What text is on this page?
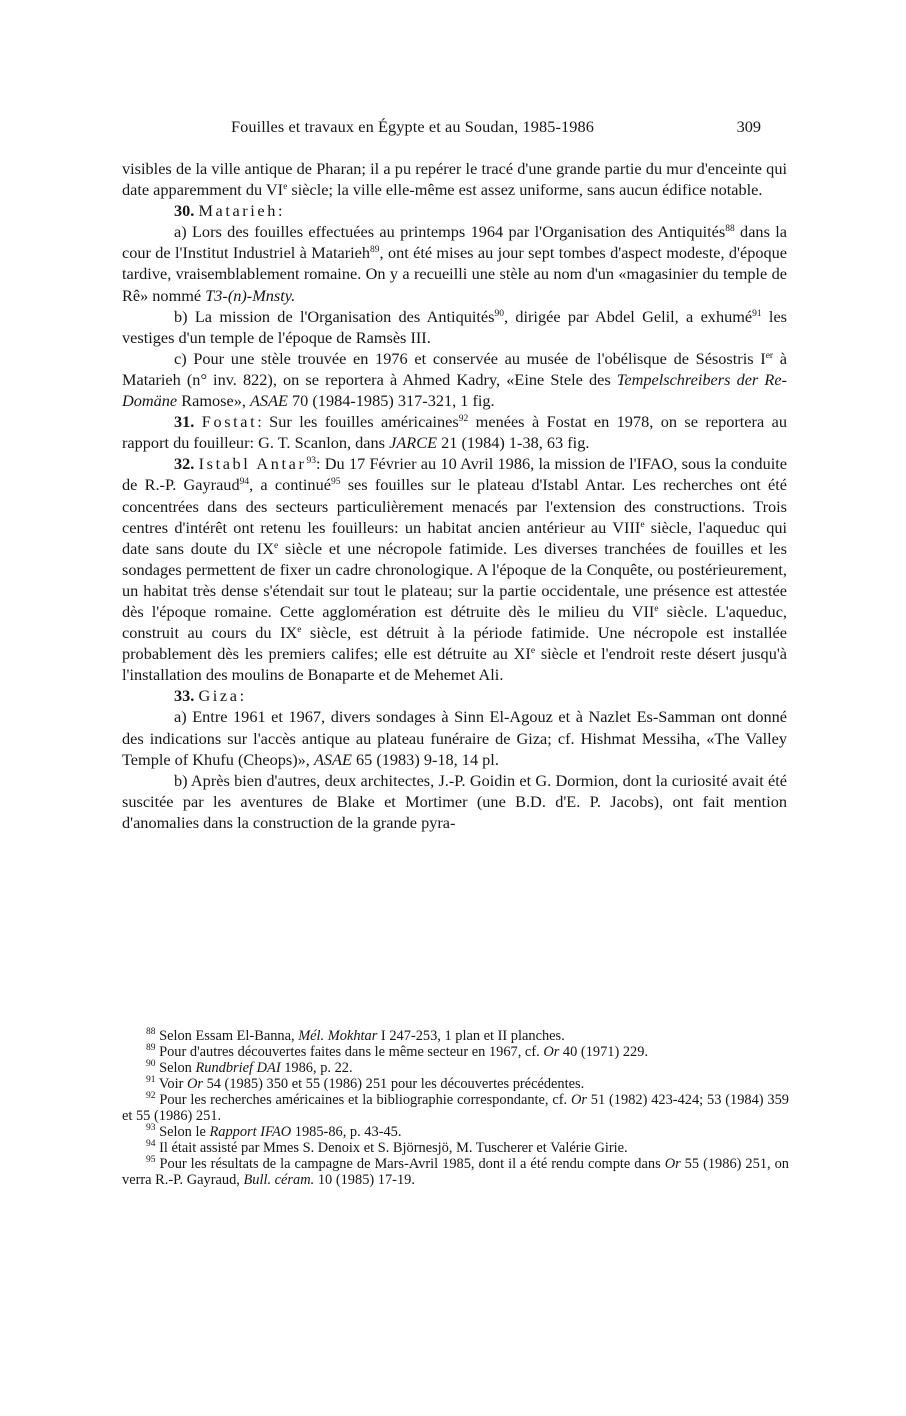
Fouilles et travaux en Égypte et au Soudan, 1985-1986	309

visibles de la ville antique de Pharan; il a pu repérer le tracé d'une grande partie du mur d'enceinte qui date apparemment du VIe siècle; la ville elle-même est assez uniforme, sans aucun édifice notable.

30. Matarieh:

a) Lors des fouilles effectuées au printemps 1964 par l'Organisation des Antiquités$^{88}$ dans la cour de l'Institut Industriel à Matarieh$^{89}$, ont été mises au jour sept tombes d'aspect modeste, d'époque tardive, vraisemblablement romaine. On y a recueilli une stèle au nom d'un «magasinier du temple de Rê» nommé T3-(n)-Mnsty.

b) La mission de l'Organisation des Antiquités$^{90}$, dirigée par Abdel Gelil, a exhumé$^{91}$ les vestiges d'un temple de l'époque de Ramsès III.

c) Pour une stèle trouvée en 1976 et conservée au musée de l'obélisque de Sésostris Ier à Matarieh (n° inv. 822), on se reportera à Ahmed Kadry, «Eine Stele des Tempelschreibers der Re-Domäne Ramose», ASAE 70 (1984-1985) 317-321, 1 fig.

31. Fostat: Sur les fouilles américaines$^{92}$ menées à Fostat en 1978, on se reportera au rapport du fouilleur: G. T. Scanlon, dans JARCE 21 (1984) 1-38, 63 fig.

32. Istabl Antar$^{93}$: Du 17 Février au 10 Avril 1986, la mission de l'IFAO, sous la conduite de R.-P. Gayraud$^{94}$, a continué$^{95}$ ses fouilles sur le plateau d'Istabl Antar. Les recherches ont été concentrées dans des secteurs particulièrement menacés par l'extension des constructions. Trois centres d'intérêt ont retenu les fouilleurs: un habitat ancien antérieur au VIIIe siècle, l'aqueduc qui date sans doute du IXe siècle et une nécropole fatimide. Les diverses tranchées de fouilles et les sondages permettent de fixer un cadre chronologique. A l'époque de la Conquête, ou postérieurement, un habitat très dense s'étendait sur tout le plateau; sur la partie occidentale, une présence est attestée dès l'époque romaine. Cette agglomération est détruite dès le milieu du VIIe siècle. L'aqueduc, construit au cours du IXe siècle, est détruit à la période fatimide. Une nécropole est installée probablement dès les premiers califes; elle est détruite au XIe siècle et l'endroit reste désert jusqu'à l'installation des moulins de Bonaparte et de Mehemet Ali.

33. Giza:

a) Entre 1961 et 1967, divers sondages à Sinn El-Agouz et à Nazlet Es-Samman ont donné des indications sur l'accès antique au plateau funéraire de Giza; cf. Hishmat Messiha, «The Valley Temple of Khufu (Cheops)», ASAE 65 (1983) 9-18, 14 pl.

b) Après bien d'autres, deux architectes, J.-P. Goidin et G. Dormion, dont la curiosité avait été suscitée par les aventures de Blake et Mortimer (une B.D. d'E. P. Jacobs), ont fait mention d'anomalies dans la construction de la grande pyra-

$^{88}$ Selon Essam El-Banna, Mél. Mokhtar I 247-253, 1 plan et II planches.

$^{89}$ Pour d'autres découvertes faites dans le même secteur en 1967, cf. Or 40 (1971) 229.

$^{90}$ Selon Rundbrief DAI 1986, p. 22.

$^{91}$ Voir Or 54 (1985) 350 et 55 (1986) 251 pour les découvertes précédentes.

$^{92}$ Pour les recherches américaines et la bibliographie correspondante, cf. Or 51 (1982) 423-424; 53 (1984) 359 et 55 (1986) 251.

$^{93}$ Selon le Rapport IFAO 1985-86, p. 43-45.

$^{94}$ Il était assisté par Mmes S. Denoix et S. Björnesjö, M. Tuscherer et Valérie Girie.

$^{95}$ Pour les résultats de la campagne de Mars-Avril 1985, dont il a été rendu compte dans Or 55 (1986) 251, on verra R.-P. Gayraud, Bull. céram. 10 (1985) 17-19.
